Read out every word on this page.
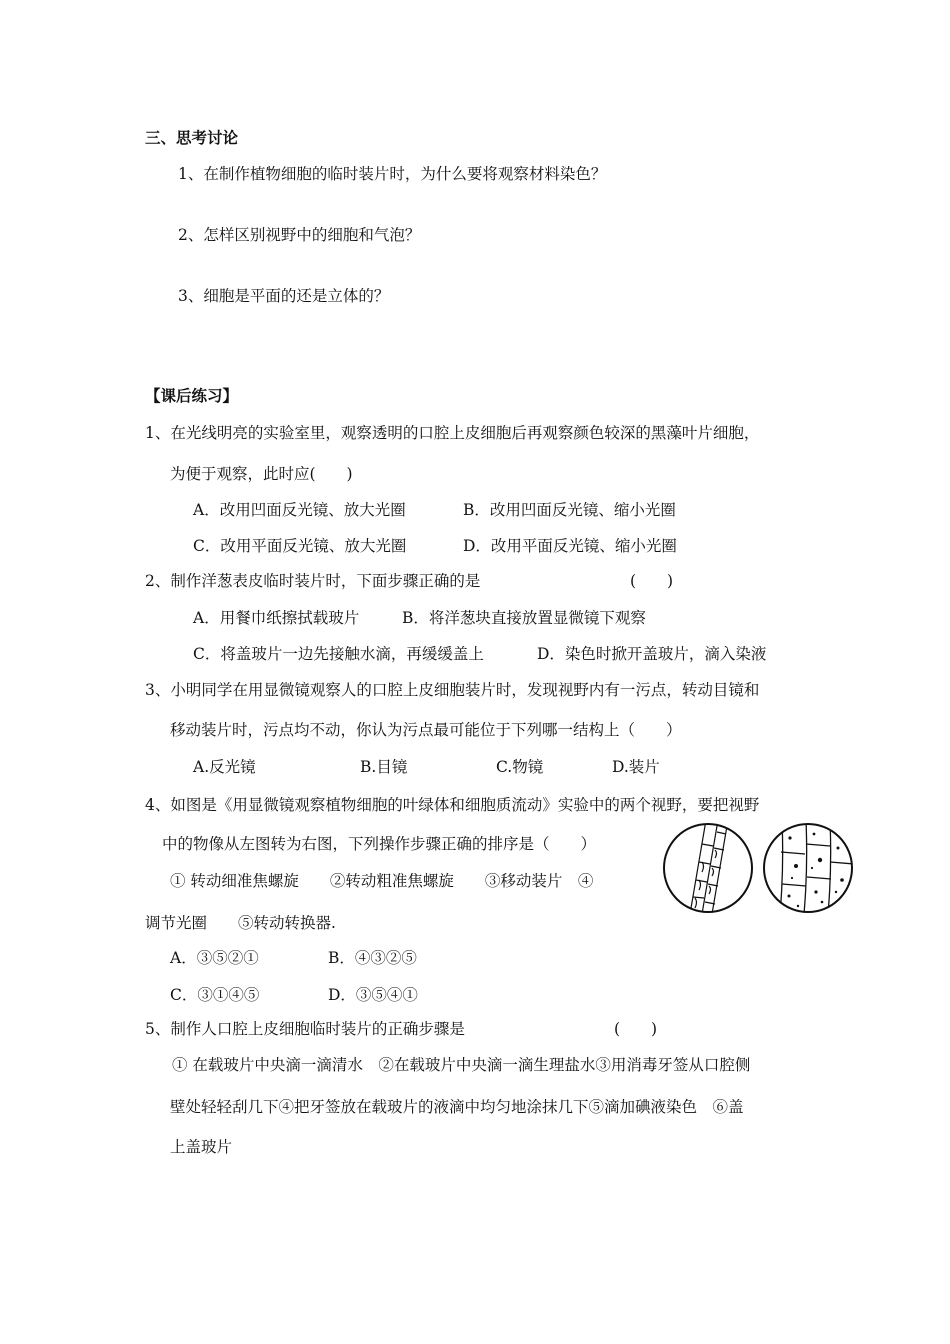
三、思考讨论
1、在制作植物细胞的临时装片时，为什么要将观察材料染色？
2、怎样区别视野中的细胞和气泡？
3、细胞是平面的还是立体的？
【课后练习】
1、在光线明亮的实验室里，观察透明的口腔上皮细胞后再观察颜色较深的黑藻叶片细胞，
为便于观察，此时应(　　)
A．改用凹面反光镜、放大光圈	B．改用凹面反光镜、缩小光圈
C．改用平面反光镜、放大光圈	D．改用平面反光镜、缩小光圈
2、制作洋葱表皮临时装片时，下面步骤正确的是	(　　)
A．用餐巾纸擦拭载玻片	B．将洋葱块直接放置显微镜下观察
C．将盖玻片一边先接触水滴，再缓缓盖上	D．染色时掀开盖玻片，滴入染液
3、小明同学在用显微镜观察人的口腔上皮细胞装片时，发现视野内有一污点，转动目镜和
移动装片时，污点均不动，你认为污点最可能位于下列哪一结构上（　　）
A.反光镜	B.目镜	C.物镜	D.装片
4、如图是《用显微镜观察植物细胞的叶绿体和细胞质流动》实验中的两个视野，要把视野
中的物像从左图转为右图，下列操作步骤正确的排序是（　　）
① 转动细准焦螺旋　　②转动粗准焦螺旋　　③移动装片　④
调节光圈　　⑤转动转换器.
A．③⑤②①	B．④③②⑤
C．③①④⑤	D．③⑤④①
5、制作人口腔上皮细胞临时装片的正确步骤是	(　　)
① 在载玻片中央滴一滴清水　②在载玻片中央滴一滴生理盐水③用消毒牙签从口腔侧
壁处轻轻刮几下④把牙签放在载玻片的液滴中均匀地涂抹几下⑤滴加碘液染色　⑥盖
上盖玻片
